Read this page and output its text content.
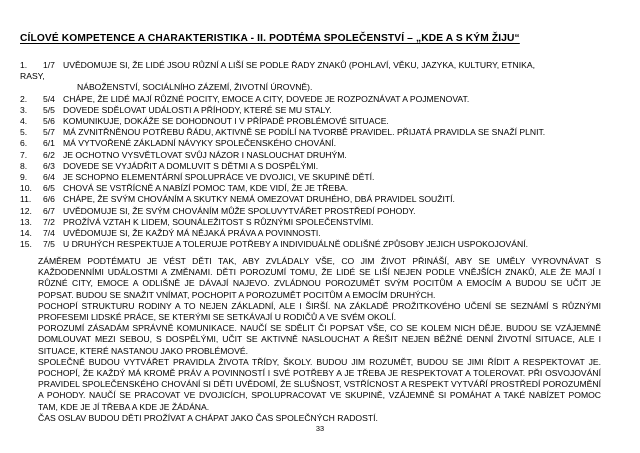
CÍLOVÉ KOMPETENCE A CHARAKTERISTIKA - II. PODTÉMA SPOLEČENSTVÍ – „KDE A S KÝM ŽIJU“
1.	1/7 UVĚDOMUJE SI, ŽE LIDÉ JSOU RŮZNÍ A LIŠÍ SE PODLE ŘADY ZNAKŮ (POHLAVÍ, VĚKU, JAZYKA, KULTURY, ETNIKA,
RASY,
NÁBOŽENSTVÍ, SOCIÁLNÍHO ZÁZEMÍ, ŽIVOTNÍ ÚROVNĚ).
2.	5/4 CHÁPE, ŽE LIDÉ MAJÍ RŮZNÉ POCITY, EMOCE A CITY, DOVEDE JE ROZPOZNÁVAT A POJMENOVAT.
3.	5/5 DOVEDE SDĚLOVAT UDÁLOSTI A PŘÍHODY, KTERÉ SE MU STALY.
4.	5/6 KOMUNIKUJE, DOKÁŽE SE DOHODNOUT I V PŘÍPADĚ PROBLÉMOVÉ SITUACE.
5.	5/7 MÁ ZVNITŘNĚNOU POTŘEBU ŘÁDU, AKTIVNĚ SE PODÍLÍ NA TVORBĚ PRAVIDEL. PŘIJATÁ PRAVIDLA SE SNAŽÍ PLNIT.
6.	6/1 MÁ VYTVOŘENÉ ZÁKLADNÍ NÁVYKY SPOLEČENSKÉHO CHOVÁNÍ.
7.	6/2 JE OCHOTNO VYSVĚTLOVAT SVŮJ NÁZOR I NASLOUCHAT DRUHÝM.
8.	6/3 DOVEDE SE VYJÁDŘIT A DOMLUVIT S DĚTMI A S DOSPĚLÝMI.
9.	6/4 JE SCHOPNO ELEMENTÁRNÍ SPOLUPRÁCE VE DVOJICI, VE SKUPINĚ DĚTÍ.
10.	6/5 CHOVÁ SE VSTŘÍCNĚ A NABÍZÍ POMOC TAM, KDE VIDÍ, ŽE JE TŘEBA.
11.	6/6 CHÁPE, ŽE SVÝM CHOVÁNÍM A SKUTKY NEMÁ OMEZOVAT DRUHÉHO, DBÁ PRAVIDEL SOUŽITÍ.
12.	6/7 UVĚDOMUJE SI, ŽE SVÝM CHOVÁNÍM MŮŽE SPOLUVYTVÁŘET PROSTŘEDÍ POHODY.
13.	7/2 PROŽÍVÁ VZTAH K LIDEM, SOUNÁLEŽITOST S RŮZNÝMI SPOLEČENSTVÍMI.
14.	7/4 UVĚDOMUJE SI, ŽE KAŽDÝ MÁ NĚJAKÁ PRÁVA A POVINNOSTI.
15.	7/5 U DRUHÝCH RESPEKTUJE A TOLERUJE POTŘEBY A INDIVIDUÁLNĚ ODLIŠNÉ ZPŮSOBY JEJICH USPOKOJOVÁNÍ.

ZÁMĚREM PODTÉMATU JE VÉST DĚTI TAK, ABY ZVLÁDALY VŠE, CO JIM ŽIVOT PŘINÁŠÍ, ABY SE UMĚLY VYROVNÁVAT S KAŽDODENNÍMI UDÁLOSTMI A ZMĚNAMI. DĚTI POROZUMÍ TOMU, ŽE LIDÉ SE LIŠÍ NEJEN PODLE VNĚJŠÍCH ZNAKŮ, ALE ŽE MAJÍ I RŮZNÉ CITY, EMOCE A ODLIŠNĚ JE DÁVAJÍ NAJEVO. ZVLÁDNOU POROZUMĚT SVÝM POCITŮM A EMOCÍM A BUDOU SE UČIT JE POPSAT. BUDOU SE SNAŽIT VNÍMAT, POCHOPIT A POROZUMĚT POCITŮM A EMOCÍM DRUHÝCH.

POCHOPÍ STRUKTURU RODINY A TO NEJEN ZÁKLADNÍ, ALE I ŠIRŠÍ. NA ZÁKLADĚ PROŽITKOVÉHO UČENÍ SE SEZNÁMÍ S RŮZNÝMI PROFESEMI LIDSKÉ PRÁCE, SE KTERÝMI SE SETKÁVAJÍ U RODIČŮ A VE SVÉM OKOLÍ.

POROZUMÍ ZÁSADÁM SPRÁVNĚ KOMUNIKACE. NAUČÍ SE SDĚLIT ČI POPSAT VŠE, CO SE KOLEM NICH DĚJE. BUDOU SE VZÁJEMNĚ DOMLOUVAT MEZI SEBOU, S DOSPĚLÝMI, UČIT SE AKTIVNĚ NASLOUCHAT A ŘEŠIT NEJEN BĚŽNÉ DENNÍ ŽIVOTNÍ SITUACE, ALE I SITUACE, KTERÉ NASTANOU JAKO PROBLÉMOVÉ.

SPOLEČNĚ BUDOU VYTVÁŘET PRAVIDLA ŽIVOTA TŘÍDY, ŠKOLY. BUDOU JIM ROZUMĚT, BUDOU SE JIMI ŘÍDIT A RESPEKTOVAT JE. POCHOPÍ, ŽE KAŽDÝ MÁ KROMĚ PRÁV A POVINNOSTÍ I SVÉ POTŘEBY A JE TŘEBA JE RESPEKTOVAT A TOLEROVAT. PŘI OSVOJOVÁNÍ PRAVIDEL SPOLEČENSKÉHO CHOVÁNÍ SI DĚTI UVĚDOMÍ, ŽE SLUŠNOST, VSTŘÍCNOST A RESPEKT VYTVÁŘÍ PROSTŘEDÍ POROZUMĚNÍ A POHODY. NAUČÍ SE PRACOVAT VE DVOJICÍCH, SPOLUPRACOVAT VE SKUPINĚ, VZÁJEMNĚ SI POMÁHAT A TAKÉ NABÍZET POMOC TAM, KDE JE JÍ TŘEBA A KDE JE ŽÁDÁNA.

ČAS OSLAV BUDOU DĚTI PROŽÍVAT A CHÁPAT JAKO ČAS SPOLEČNÝCH RADOSTÍ.

33
